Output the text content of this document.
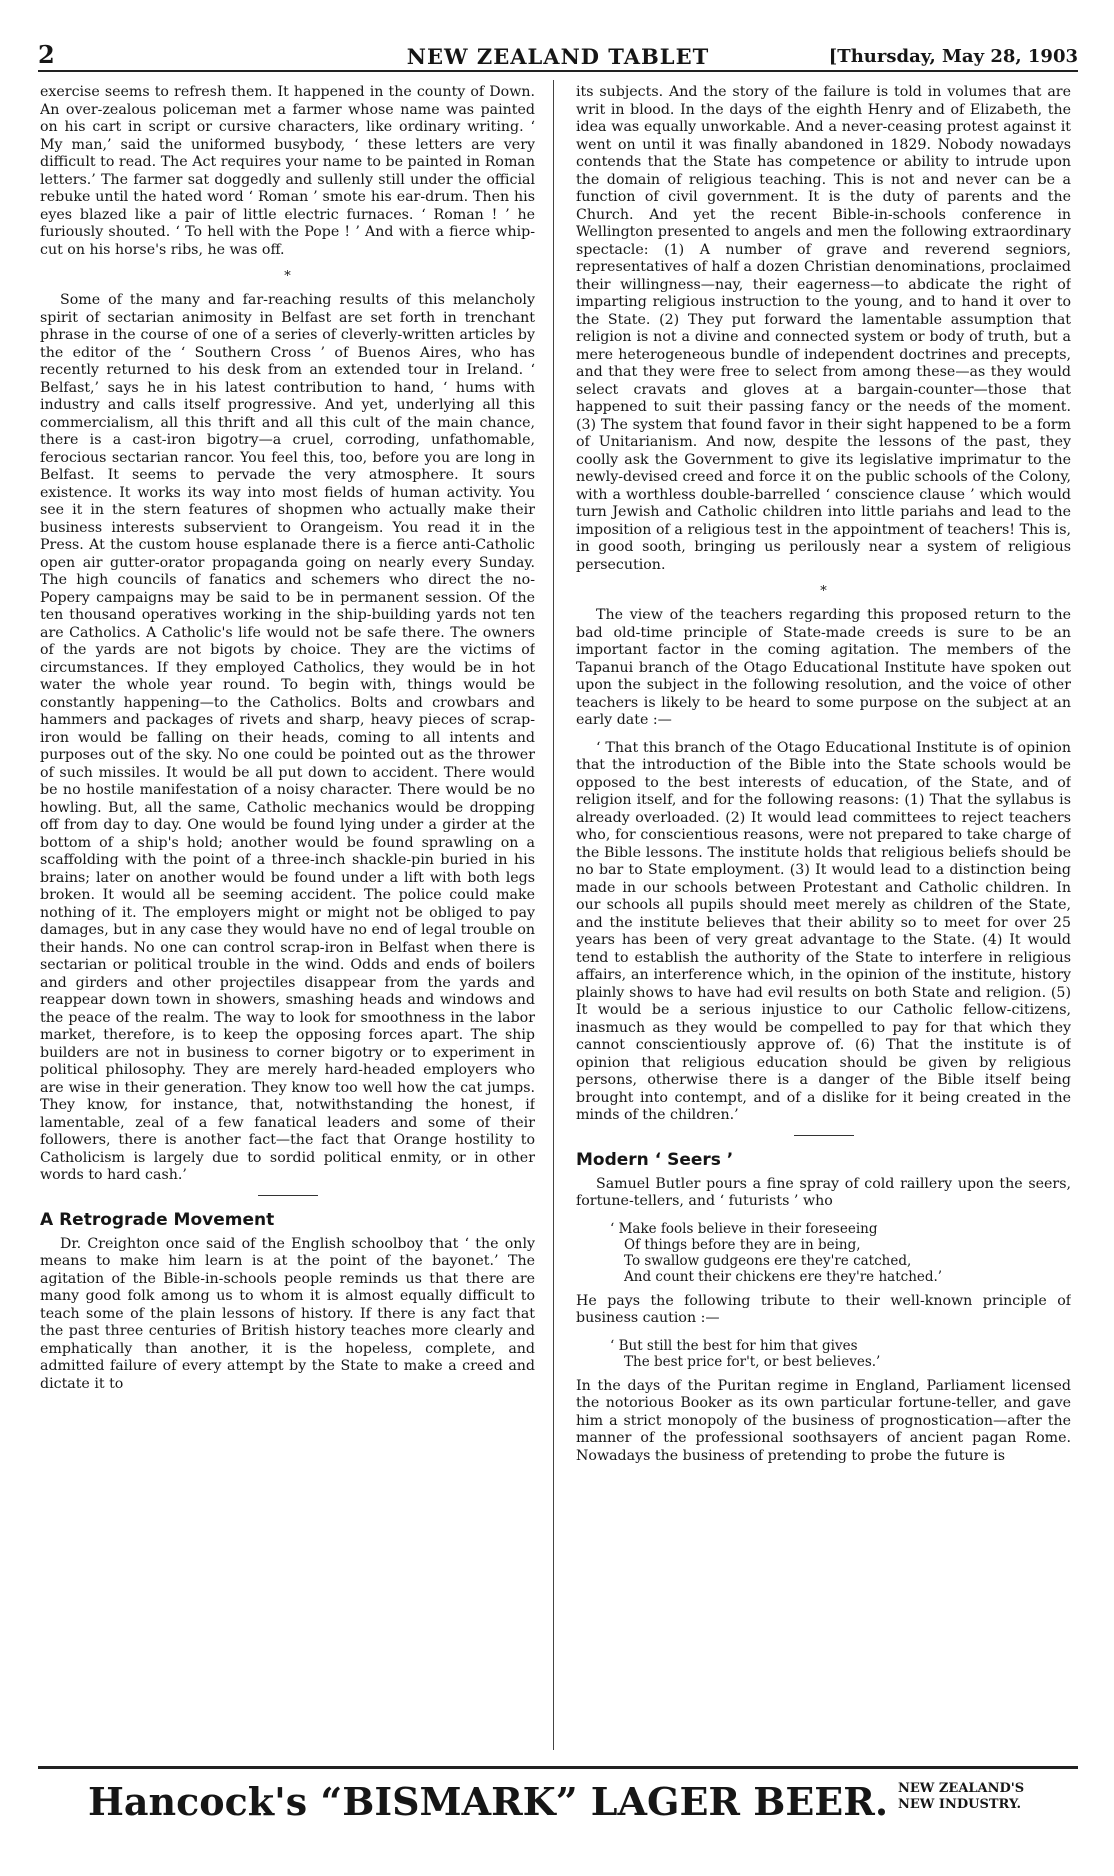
2	NEW ZEALAND TABLET	[Thursday, May 28, 1903

exercise seems to refresh them. It happened in the county of Down. An over-zealous policeman met a farmer whose name was painted on his cart in script or cursive characters, like ordinary writing. ‘ My man,’ said the uniformed busybody, ‘ these letters are very difficult to read. The Act requires your name to be painted in Roman letters.’ The farmer sat doggedly and sullenly still under the official rebuke until the hated word ‘ Roman ’ smote his ear-drum. Then his eyes blazed like a pair of little electric furnaces. ‘ Roman ! ’ he furiously shouted. ‘ To hell with the Pope ! ’ And with a fierce whip-cut on his horse's ribs, he was off.

*

Some of the many and far-reaching results of this melancholy spirit of sectarian animosity in Belfast are set forth in trenchant phrase in the course of one of a series of cleverly-written articles by the editor of the ‘ Southern Cross ’ of Buenos Aires, who has recently returned to his desk from an extended tour in Ireland. ‘ Belfast,’ says he in his latest contribution to hand, ‘ hums with industry and calls itself progressive. And yet, underlying all this commercialism, all this thrift and all this cult of the main chance, there is a cast-iron bigotry—a cruel, corroding, unfathomable, ferocious sectarian rancor. You feel this, too, before you are long in Belfast. It seems to pervade the very atmosphere. It sours existence. It works its way into most fields of human activity. You see it in the stern features of shopmen who actually make their business interests subservient to Orangeism. You read it in the Press. At the custom house esplanade there is a fierce anti-Catholic open air gutter-orator propaganda going on nearly every Sunday. The high councils of fanatics and schemers who direct the no-Popery campaigns may be said to be in permanent session. Of the ten thousand operatives working in the ship-building yards not ten are Catholics. A Catholic's life would not be safe there. The owners of the yards are not bigots by choice. They are the victims of circumstances. If they employed Catholics, they would be in hot water the whole year round. To begin with, things would be constantly happening—to the Catholics. Bolts and crowbars and hammers and packages of rivets and sharp, heavy pieces of scrap-iron would be falling on their heads, coming to all intents and purposes out of the sky. No one could be pointed out as the thrower of such missiles. It would be all put down to accident. There would be no hostile manifestation of a noisy character. There would be no howling. But, all the same, Catholic mechanics would be dropping off from day to day. One would be found lying under a girder at the bottom of a ship's hold; another would be found sprawling on a scaffolding with the point of a three-inch shackle-pin buried in his brains; later on another would be found under a lift with both legs broken. It would all be seeming accident. The police could make nothing of it. The employers might or might not be obliged to pay damages, but in any case they would have no end of legal trouble on their hands. No one can control scrap-iron in Belfast when there is sectarian or political trouble in the wind. Odds and ends of boilers and girders and other projectiles disappear from the yards and reappear down town in showers, smashing heads and windows and the peace of the realm. The way to look for smoothness in the labor market, therefore, is to keep the opposing forces apart. The ship builders are not in business to corner bigotry or to experiment in political philosophy. They are merely hard-headed employers who are wise in their generation. They know too well how the cat jumps. They know, for instance, that, notwithstanding the honest, if lamentable, zeal of a few fanatical leaders and some of their followers, there is another fact—the fact that Orange hostility to Catholicism is largely due to sordid political enmity, or in other words to hard cash.’

A Retrograde Movement

Dr. Creighton once said of the English schoolboy that ‘ the only means to make him learn is at the point of the bayonet.’ The agitation of the Bible-in-schools people reminds us that there are many good folk among us to whom it is almost equally difficult to teach some of the plain lessons of history. If there is any fact that the past three centuries of British history teaches more clearly and emphatically than another, it is the hopeless, complete, and admitted failure of every attempt by the State to make a creed and dictate it to

its subjects. And the story of the failure is told in volumes that are writ in blood. In the days of the eighth Henry and of Elizabeth, the idea was equally unworkable. And a never-ceasing protest against it went on until it was finally abandoned in 1829. Nobody nowadays contends that the State has competence or ability to intrude upon the domain of religious teaching. This is not and never can be a function of civil government. It is the duty of parents and the Church. And yet the recent Bible-in-schools conference in Wellington presented to angels and men the following extraordinary spectacle: (1) A number of grave and reverend segniors, representatives of half a dozen Christian denominations, proclaimed their willingness—nay, their eagerness—to abdicate the right of imparting religious instruction to the young, and to hand it over to the State. (2) They put forward the lamentable assumption that religion is not a divine and connected system or body of truth, but a mere heterogeneous bundle of independent doctrines and precepts, and that they were free to select from among these—as they would select cravats and gloves at a bargain-counter—those that happened to suit their passing fancy or the needs of the moment. (3) The system that found favor in their sight happened to be a form of Unitarianism. And now, despite the lessons of the past, they coolly ask the Government to give its legislative imprimatur to the newly-devised creed and force it on the public schools of the Colony, with a worthless double-barrelled ‘ conscience clause ’ which would turn Jewish and Catholic children into little pariahs and lead to the imposition of a religious test in the appointment of teachers! This is, in good sooth, bringing us perilously near a system of religious persecution.

*

The view of the teachers regarding this proposed return to the bad old-time principle of State-made creeds is sure to be an important factor in the coming agitation. The members of the Tapanui branch of the Otago Educational Institute have spoken out upon the subject in the following resolution, and the voice of other teachers is likely to be heard to some purpose on the subject at an early date :—

‘ That this branch of the Otago Educational Institute is of opinion that the introduction of the Bible into the State schools would be opposed to the best interests of education, of the State, and of religion itself, and for the following reasons: (1) That the syllabus is already overloaded. (2) It would lead committees to reject teachers who, for conscientious reasons, were not prepared to take charge of the Bible lessons. The institute holds that religious beliefs should be no bar to State employment. (3) It would lead to a distinction being made in our schools between Protestant and Catholic children. In our schools all pupils should meet merely as children of the State, and the institute believes that their ability so to meet for over 25 years has been of very great advantage to the State. (4) It would tend to establish the authority of the State to interfere in religious affairs, an interference which, in the opinion of the institute, history plainly shows to have had evil results on both State and religion. (5) It would be a serious injustice to our Catholic fellow-citizens, inasmuch as they would be compelled to pay for that which they cannot conscientiously approve of. (6) That the institute is of opinion that religious education should be given by religious persons, otherwise there is a danger of the Bible itself being brought into contempt, and of a dislike for it being created in the minds of the children.’

Modern ‘ Seers ’

Samuel Butler pours a fine spray of cold raillery upon the seers, fortune-tellers, and ‘ futurists ’ who

‘ Make fools believe in their foreseeing
Of things before they are in being,
To swallow gudgeons ere they're catched,
And count their chickens ere they're hatched.’

He pays the following tribute to their well-known principle of business caution :—

‘ But still the best for him that gives
The best price for't, or best believes.’

In the days of the Puritan regime in England, Parliament licensed the notorious Booker as its own particular fortune-teller, and gave him a strict monopoly of the business of prognostication—after the manner of the professional soothsayers of ancient pagan Rome. Nowadays the business of pretending to probe the future is

Hancock's “BISMARK” LAGER BEER. NEW ZEALAND'S
NEW INDUSTRY.
